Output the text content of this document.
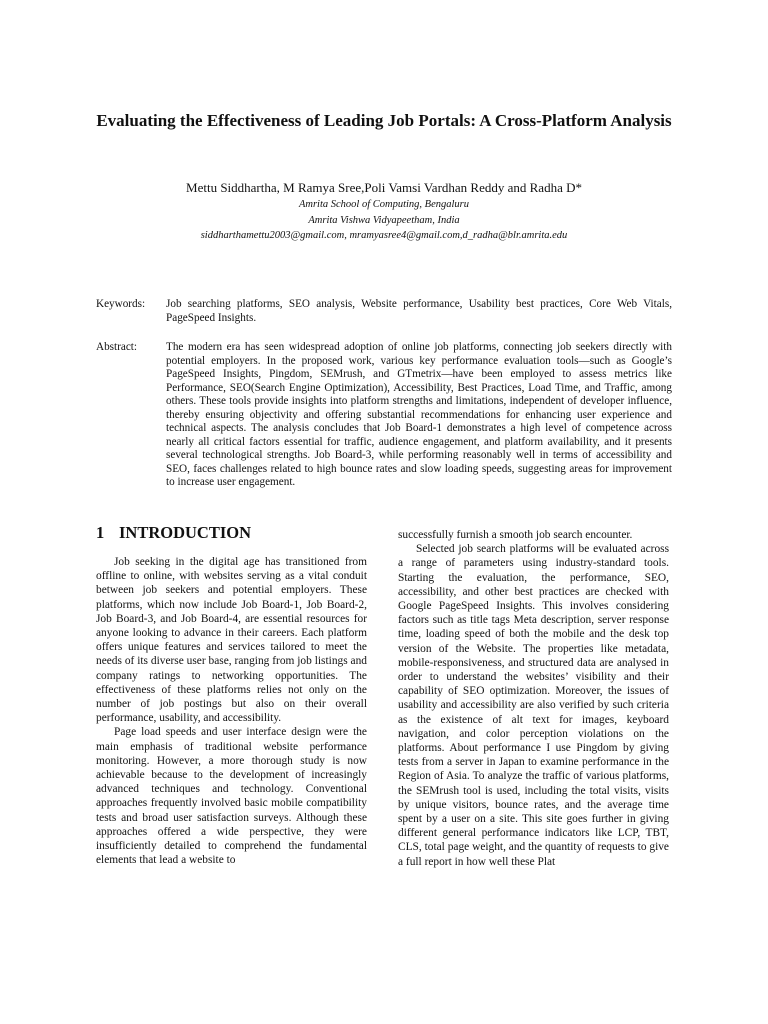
Evaluating the Effectiveness of Leading Job Portals: A Cross-Platform Analysis
Mettu Siddhartha, M Ramya Sree,Poli Vamsi Vardhan Reddy and Radha D*
Amrita School of Computing, Bengaluru
Amrita Vishwa Vidyapeetham, India
siddharthamettu2003@gmail.com, mramyasree4@gmail.com,d_radha@blr.amrita.edu
Keywords: Job searching platforms, SEO analysis, Website performance, Usability best practices, Core Web Vitals, PageSpeed Insights.
Abstract:	The modern era has seen widespread adoption of online job platforms, connecting job seekers directly with potential employers. In the proposed work, various key performance evaluation tools—such as Google’s PageSpeed Insights, Pingdom, SEMrush, and GTmetrix—have been employed to assess metrics like Performance, SEO(Search Engine Optimization), Accessibility, Best Practices, Load Time, and Traffic, among others. These tools provide insights into platform strengths and limitations, independent of developer influence, thereby ensuring objectivity and offering substantial recommendations for enhancing user experience and technical aspects. The analysis concludes that Job Board-1 demonstrates a high level of competence across nearly all critical factors essential for traffic, audience engagement, and platform availability, and it presents several technological strengths. Job Board-3, while performing reasonably well in terms of accessibility and SEO, faces challenges related to high bounce rates and slow loading speeds, suggesting areas for improvement to increase user engagement.
1 INTRODUCTION

Job seeking in the digital age has transitioned from offline to online, with websites serving as a vital conduit between job seekers and potential employers. These platforms, which now include Job Board-1, Job Board-2, Job Board-3, and Job Board-4, are essential resources for anyone looking to advance in their careers. Each platform offers unique features and services tailored to meet the needs of its diverse user base, ranging from job listings and company ratings to networking opportunities. The effectiveness of these platforms relies not only on the number of job postings but also on their overall performance, usability, and accessibility.

Page load speeds and user interface design were the main emphasis of traditional website performance monitoring. However, a more thorough study is now achievable because to the development of increasingly advanced techniques and technology. Conventional approaches frequently involved basic mobile compatibility tests and broad user satisfaction surveys. Although these approaches offered a wide perspective, they were insufficiently detailed to comprehend the fundamental elements that lead a website to

successfully furnish a smooth job search encounter.

Selected job search platforms will be evaluated across a range of parameters using industry-standard tools. Starting the evaluation, the performance, SEO, accessibility, and other best practices are checked with Google PageSpeed Insights. This involves considering factors such as title tags Meta description, server response time, loading speed of both the mobile and the desk top version of the Website. The properties like metadata, mobile-responsiveness, and structured data are analysed in order to understand the websites’ visibility and their capability of SEO optimization. Moreover, the issues of usability and accessibility are also verified by such criteria as the existence of alt text for images, keyboard navigation, and color perception violations on the platforms. About performance I use Pingdom by giving tests from a server in Japan to examine performance in the Region of Asia. To analyze the traffic of various platforms, the SEMrush tool is used, including the total visits, visits by unique visitors, bounce rates, and the average time spent by a user on a site. This site goes further in giving different general performance indicators like LCP, TBT, CLS, total page weight, and the quantity of requests to give a full report in how well these Plat
